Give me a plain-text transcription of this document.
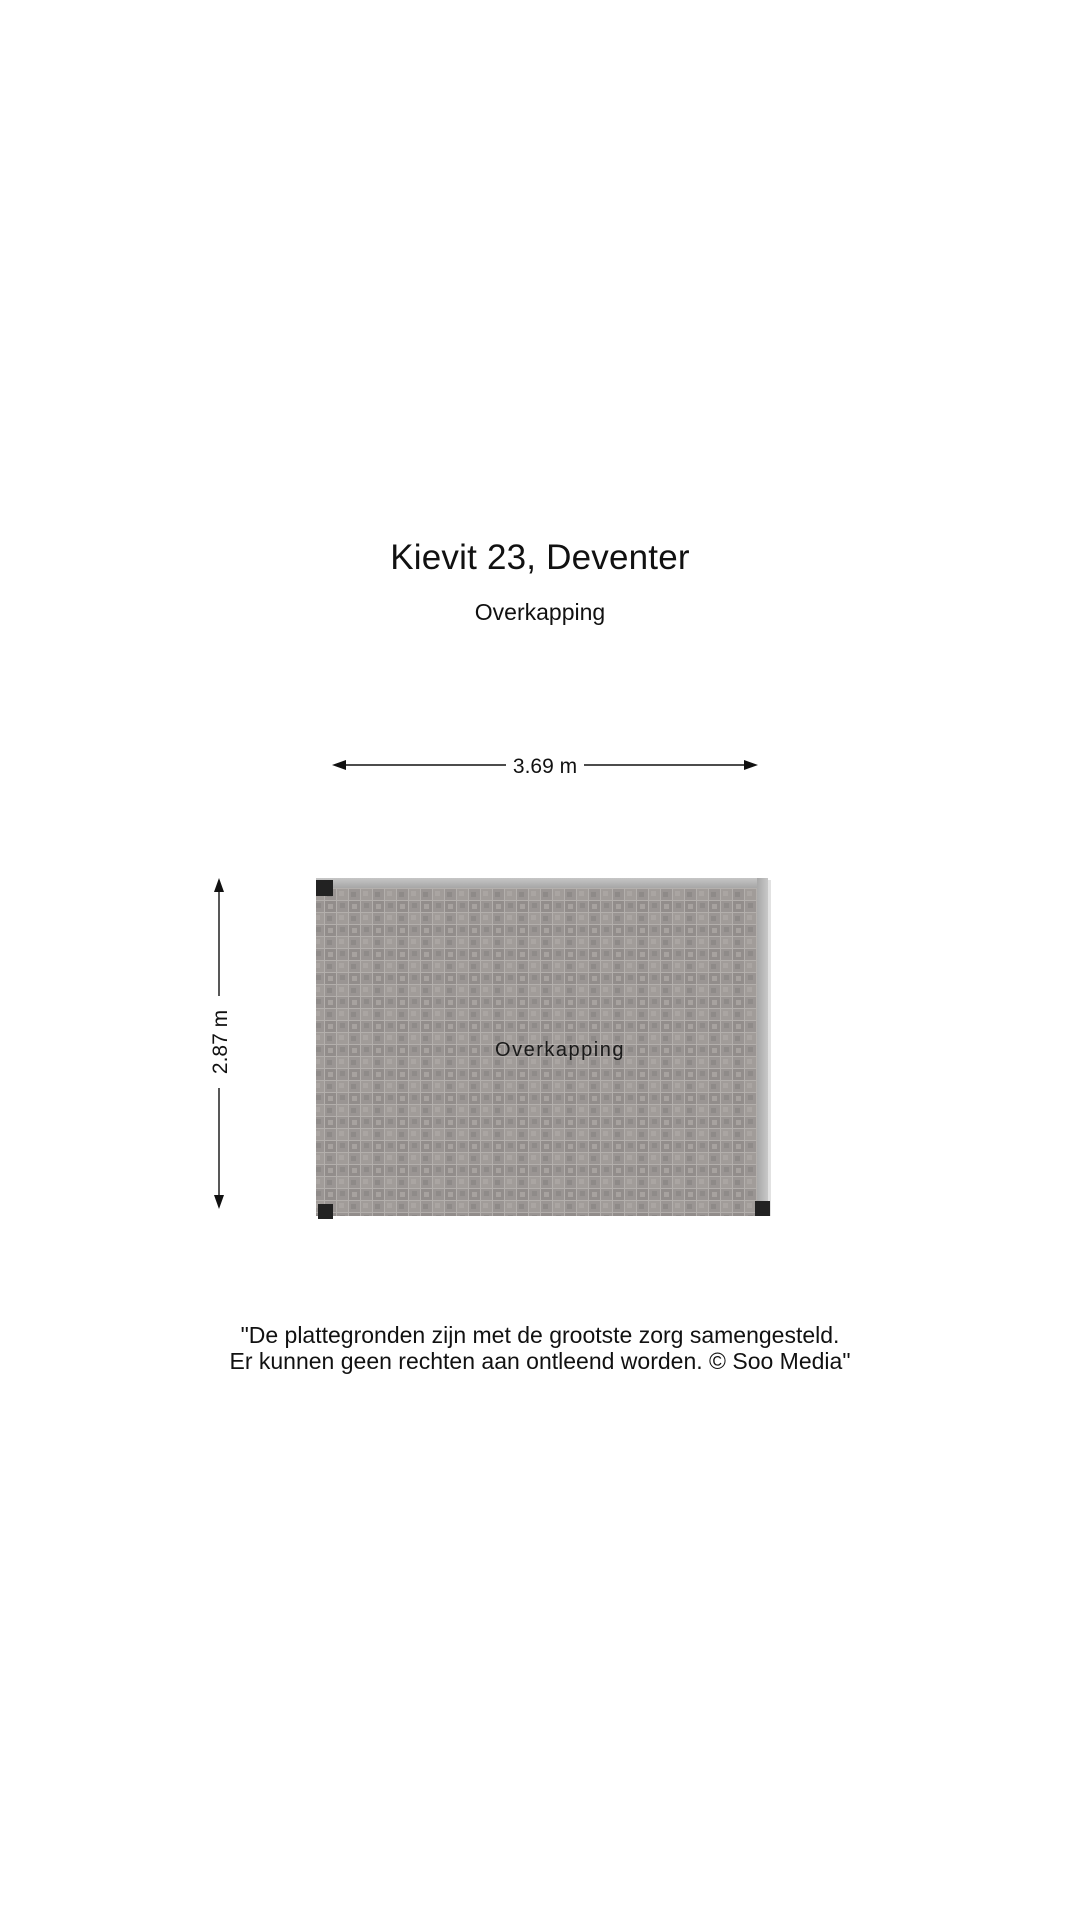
Kievit 23, Deventer
Overkapping
3.69 m
2.87 m	Overkapping
"De plattegronden zijn met de grootste zorg samengesteld.
Er kunnen geen rechten aan ontleend worden. © Soo Media"
